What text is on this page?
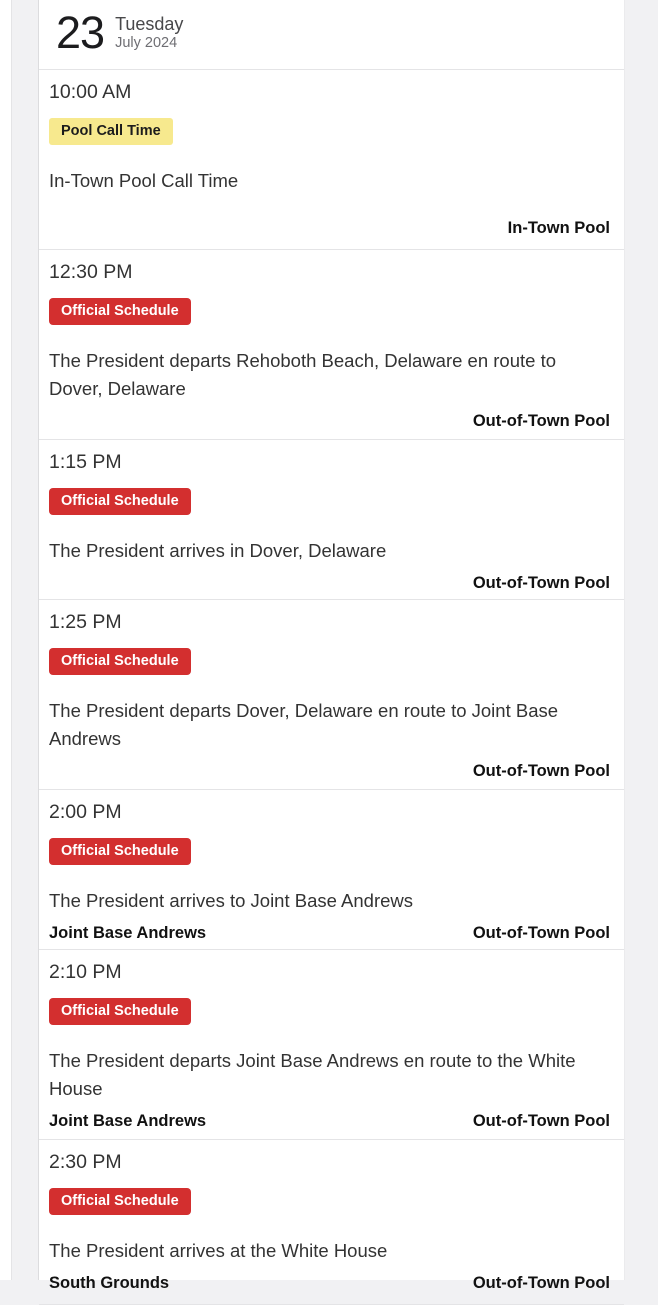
23 Tuesday
July 2024
10:00 AM
Pool Call Time
In-Town Pool Call Time
In-Town Pool
12:30 PM
Official Schedule
The President departs Rehoboth Beach, Delaware en route to Dover, Delaware
Out-of-Town Pool
1:15 PM
Official Schedule
The President arrives in Dover, Delaware
Out-of-Town Pool
1:25 PM
Official Schedule
The President departs Dover, Delaware en route to Joint Base Andrews
Out-of-Town Pool
2:00 PM
Official Schedule
The President arrives to Joint Base Andrews
Joint Base Andrews	Out-of-Town Pool
2:10 PM
Official Schedule
The President departs Joint Base Andrews en route to the White House
Joint Base Andrews	Out-of-Town Pool
2:30 PM
Official Schedule
The President arrives at the White House
South Grounds	Out-of-Town Pool
